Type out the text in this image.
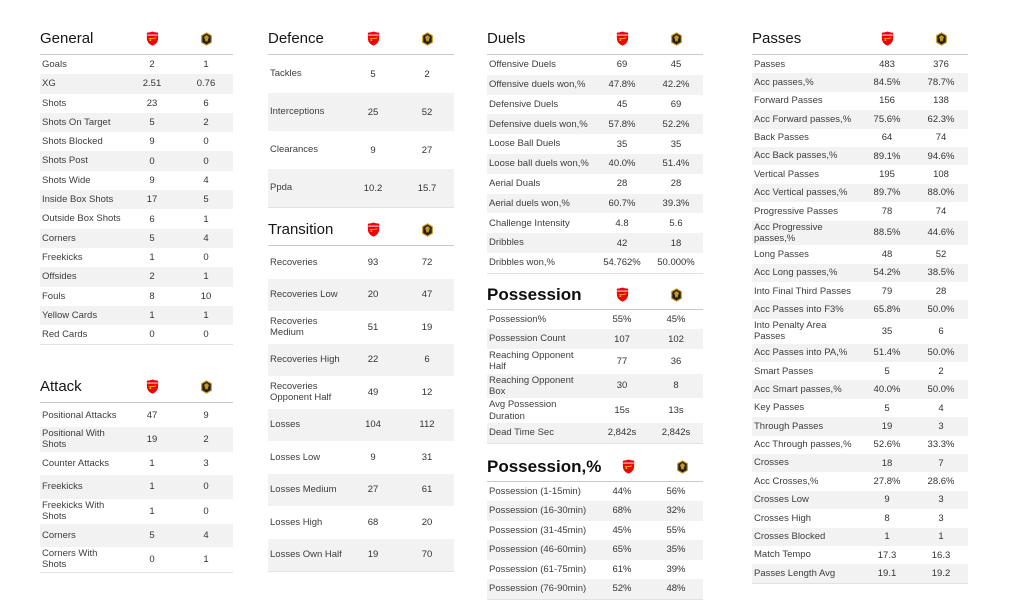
General
Goals	2	1
XG	2.51	0.76
Shots	23	6
Shots On Target	5	2
Shots Blocked	9	0
Shots Post	0	0
Shots Wide	9	4
Inside Box Shots	17	5
Outside Box Shots	6	1
Corners	5	4
Freekicks	1	0
Offsides	2	1
Fouls	8	10
Yellow Cards	1	1
Red Cards	0	0
Attack
Positional Attacks	47	9
Positional With Shots	19	2
Counter Attacks	1	3
Freekicks	1	0
Freekicks With Shots	1	0
Corners	5	4
Corners With Shots	0	1
Defence
Tackles	5	2
Interceptions	25	52
Clearances	9	27
Ppda	10.2	15.7
Transition
Recoveries	93	72
Recoveries Low	20	47
Recoveries Medium	51	19
Recoveries High	22	6
Recoveries Opponent Half	49	12
Losses	104	112
Losses Low	9	31
Losses Medium	27	61
Losses High	68	20
Losses Own Half	19	70
Duels
Offensive Duels	69	45
Offensive duels won,%	47.8%	42.2%
Defensive Duels	45	69
Defensive duels won,%	57.8%	52.2%
Loose Ball Duels	35	35
Loose ball duels won,%	40.0%	51.4%
Aerial Duals	28	28
Aerial duels won,%	60.7%	39.3%
Challenge Intensity	4.8	5.6
Dribbles	42	18
Dribbles won,%	54.762%	50.000%
Possession
Possession%	55%	45%
Possession Count	107	102
Reaching Opponent Half	77	36
Reaching Opponent Box	30	8
Avg Possession Duration	15s	13s
Dead Time Sec	2,842s	2,842s
Possession,%
Possession (1-15min)	44%	56%
Possession (16-30min)	68%	32%
Possession (31-45min)	45%	55%
Possession (46-60min)	65%	35%
Possession (61-75min)	61%	39%
Possession (76-90min)	52%	48%
Passes
Passes	483	376
Acc passes,%	84.5%	78.7%
Forward Passes	156	138
Acc Forward passes,%	75.6%	62.3%
Back Passes	64	74
Acc Back passes,%	89.1%	94.6%
Vertical Passes	195	108
Acc Vertical passes,%	89.7%	88.0%
Progressive Passes	78	74
Acc Progressive passes,%	88.5%	44.6%
Long Passes	48	52
Acc Long passes,%	54.2%	38.5%
Into Final Third Passes	79	28
Acc Passes into F3%	65.8%	50.0%
Into Penalty Area Passes	35	6
Acc Passes into PA,%	51.4%	50.0%
Smart Passes	5	2
Acc Smart passes,%	40.0%	50.0%
Key Passes	5	4
Through Passes	19	3
Acc Through passes,%	52.6%	33.3%
Crosses	18	7
Acc Crosses,%	27.8%	28.6%
Crosses Low	9	3
Crosses High	8	3
Crosses Blocked	1	1
Match Tempo	17.3	16.3
Passes Length Avg	19.1	19.2
